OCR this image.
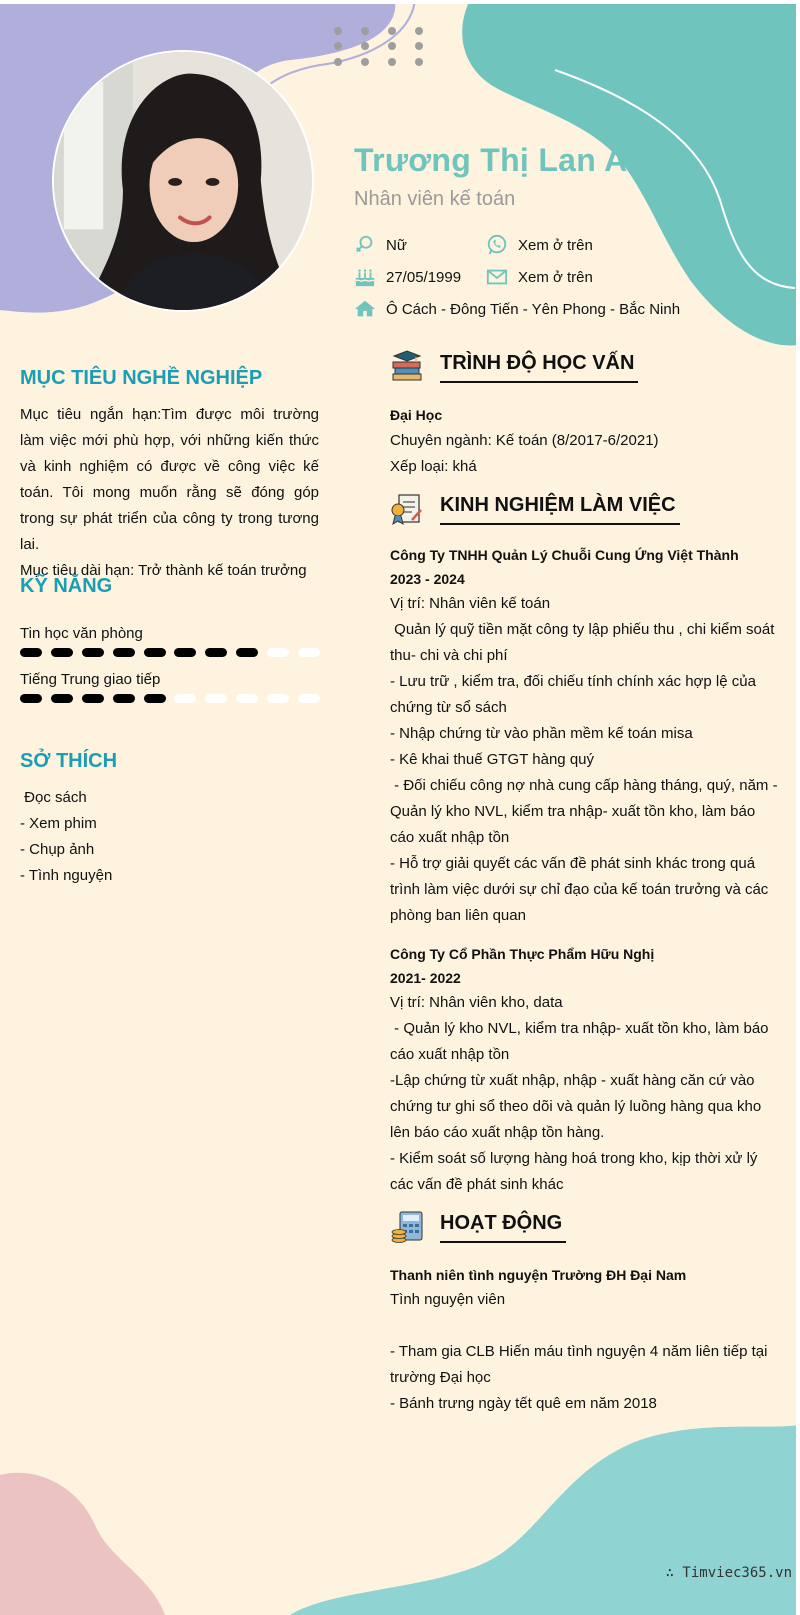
Trương Thị Lan Anh
Nhân viên kế toán
Nữ	Xem ở trên
27/05/1999	Xem ở trên
Ô Cách - Đông Tiến - Yên Phong - Bắc Ninh
MỤC TIÊU NGHỀ NGHIỆP
Mục tiêu ngắn hạn:Tìm được môi trường làm việc mới phù hợp, với những kiến thức và kinh nghiệm có được về công việc kế toán. Tôi mong muốn rằng sẽ đóng góp trong sự phát triển của công ty trong tương lai.
Mục tiêu dài hạn: Trở thành kế toán trưởng
KỸ NĂNG
Tin học văn phòng
Tiếng Trung giao tiếp
SỞ THÍCH
Đọc sách
- Xem phim
- Chụp ảnh
- Tình nguyện
TRÌNH ĐỘ HỌC VẤN
Đại Học
Chuyên ngành: Kế toán (8/2017-6/2021)
Xếp loại: khá
KINH NGHIỆM LÀM VIỆC
Công Ty TNHH Quản Lý Chuỗi Cung Ứng Việt Thành
2023 - 2024
Vị trí: Nhân viên kế toán
Quản lý quỹ tiền mặt công ty lập phiếu thu , chi kiểm soát thu- chi và chi phí
- Lưu trữ , kiểm tra, đối chiếu tính chính xác hợp lệ của chứng từ sổ sách
- Nhập chứng từ vào phần mềm kế toán misa
- Kê khai thuế GTGT hàng quý
- Đối chiếu công nợ nhà cung cấp hàng tháng, quý, năm -Quản lý kho NVL, kiểm tra nhập- xuất tồn kho, làm báo cáo xuất nhập tồn
- Hỗ trợ giải quyết các vấn đề phát sinh khác trong quá trình làm việc dưới sự chỉ đạo của kế toán trưởng và các phòng ban liên quan
Công Ty Cổ Phần Thực Phẩm Hữu Nghị
2021- 2022
Vị trí: Nhân viên kho, data
- Quản lý kho NVL, kiểm tra nhập- xuất tồn kho, làm báo cáo xuất nhập tồn
-Lập chứng từ xuất nhập, nhập - xuất hàng căn cứ vào chứng tư ghi sổ theo dõi và quản lý luồng hàng qua kho lên báo cáo xuất nhập tồn hàng.
- Kiểm soát số lượng hàng hoá trong kho, kịp thời xử lý các vấn đề phát sinh khác
HOẠT ĐỘNG
Thanh niên tình nguyện Trường ĐH Đại Nam
Tình nguyện viên
- Tham gia CLB Hiến máu tình nguyện 4 năm liên tiếp tại trường Đại học
- Bánh trưng ngày tết quê em năm 2018
∴ Timviec365.vn
